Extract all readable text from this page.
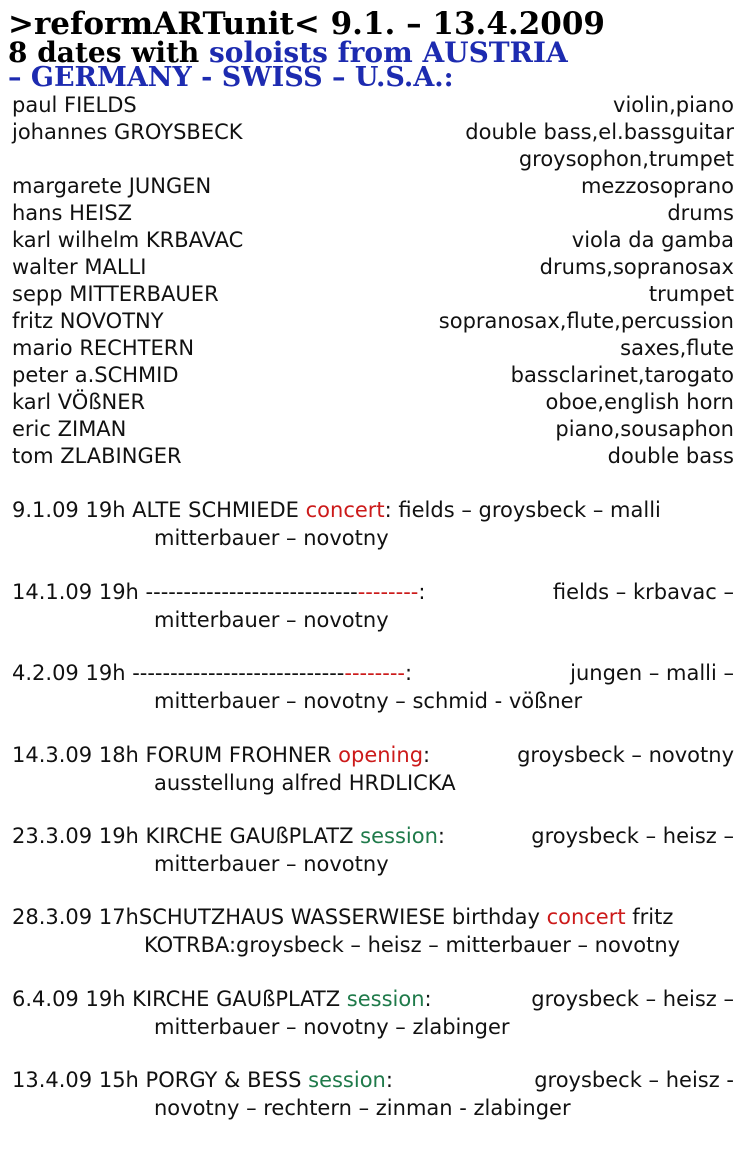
>reformARTunit< 9.1. – 13.4.2009
8 dates with soloists from AUSTRIA
– GERMANY - SWISS – U.S.A.:
paul FIELDS	violin,piano
johannes GROYSBECK	double bass,el.bassguitar
groysophon,trumpet
margarete JUNGEN	mezzosoprano
hans HEISZ	drums
karl wilhelm KRBAVAC	viola da gamba
walter MALLI	drums,sopranosax
sepp MITTERBAUER	trumpet
fritz NOVOTNY	sopranosax,flute,percussion
mario RECHTERN	saxes,flute
peter a.SCHMID	bassclarinet,tarogato
karl VÖßNER	oboe,english horn
eric ZIMAN	piano,sousaphon
tom ZLABINGER	double bass
9.1.09 19h ALTE SCHMIEDE concert: fields – groysbeck – malli
mitterbauer – novotny
14.1.09 19h ------------------------------------:	fields – krbavac –
mitterbauer – novotny
4.2.09 19h ------------------------------------:	jungen – malli –
mitterbauer – novotny – schmid - vößner
14.3.09 18h FORUM FROHNER opening:	groysbeck – novotny
ausstellung alfred HRDLICKA
23.3.09 19h KIRCHE GAUßPLATZ session:	groysbeck – heisz –
mitterbauer – novotny
28.3.09 17hSCHUTZHAUS WASSERWIESE birthday concert fritz
KOTRBA:groysbeck – heisz – mitterbauer – novotny
6.4.09 19h KIRCHE GAUßPLATZ session:	groysbeck – heisz –
mitterbauer – novotny – zlabinger
13.4.09 15h PORGY & BESS session:	groysbeck – heisz -
novotny – rechtern – zinman - zlabinger
